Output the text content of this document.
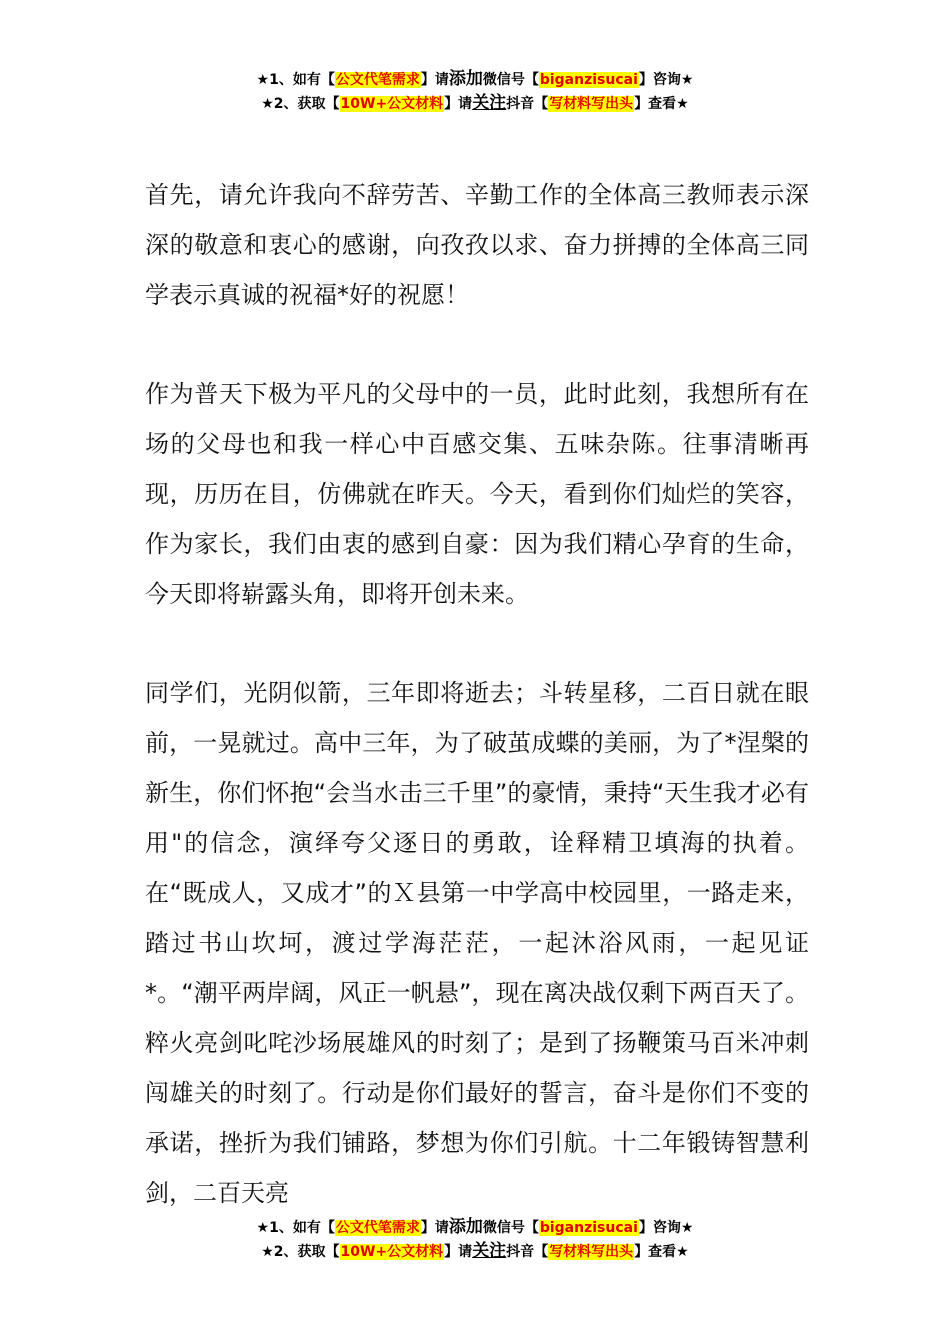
★1、如有【公文代笔需求】请添加微信号【biganzisucai】咨询★
★2、获取【10W+公文材料】请关注抖音【写材料写出头】查看★

首先，请允许我向不辞劳苦、辛勤工作的全体高三教师表示深深的敬意和衷心的感谢，向孜孜以求、奋力拼搏的全体高三同学表示真诚的祝福*好的祝愿！

作为普天下极为平凡的父母中的一员，此时此刻，我想所有在场的父母也和我一样心中百感交集、五味杂陈。往事清晰再现，历历在目，仿佛就在昨天。今天，看到你们灿烂的笑容，作为家长，我们由衷的感到自豪：因为我们精心孕育的生命，今天即将崭露头角，即将开创未来。

同学们，光阴似箭，三年即将逝去；斗转星移，二百日就在眼前，一晃就过。高中三年，为了破茧成蝶的美丽，为了*涅槃的新生，你们怀抱“会当水击三千里”的豪情，秉持“天生我才必有用"的信念，演绎夸父逐日的勇敢，诠释精卫填海的执着。在“既成人，又成才”的Ｘ县第一中学高中校园里，一路走来，踏过书山坎坷，渡过学海茫茫，一起沐浴风雨，一起见证*。“潮平两岸阔，风正一帆悬”，现在离决战仅剩下两百天了。粹火亮剑叱咤沙场展雄风的时刻了；是到了扬鞭策马百米冲刺闯雄关的时刻了。行动是你们最好的誓言，奋斗是你们不变的承诺，挫折为我们铺路，梦想为你们引航。十二年锻铸智慧利剑，二百天亮

★1、如有【公文代笔需求】请添加微信号【biganzisucai】咨询★
★2、获取【10W+公文材料】请关注抖音【写材料写出头】查看★
